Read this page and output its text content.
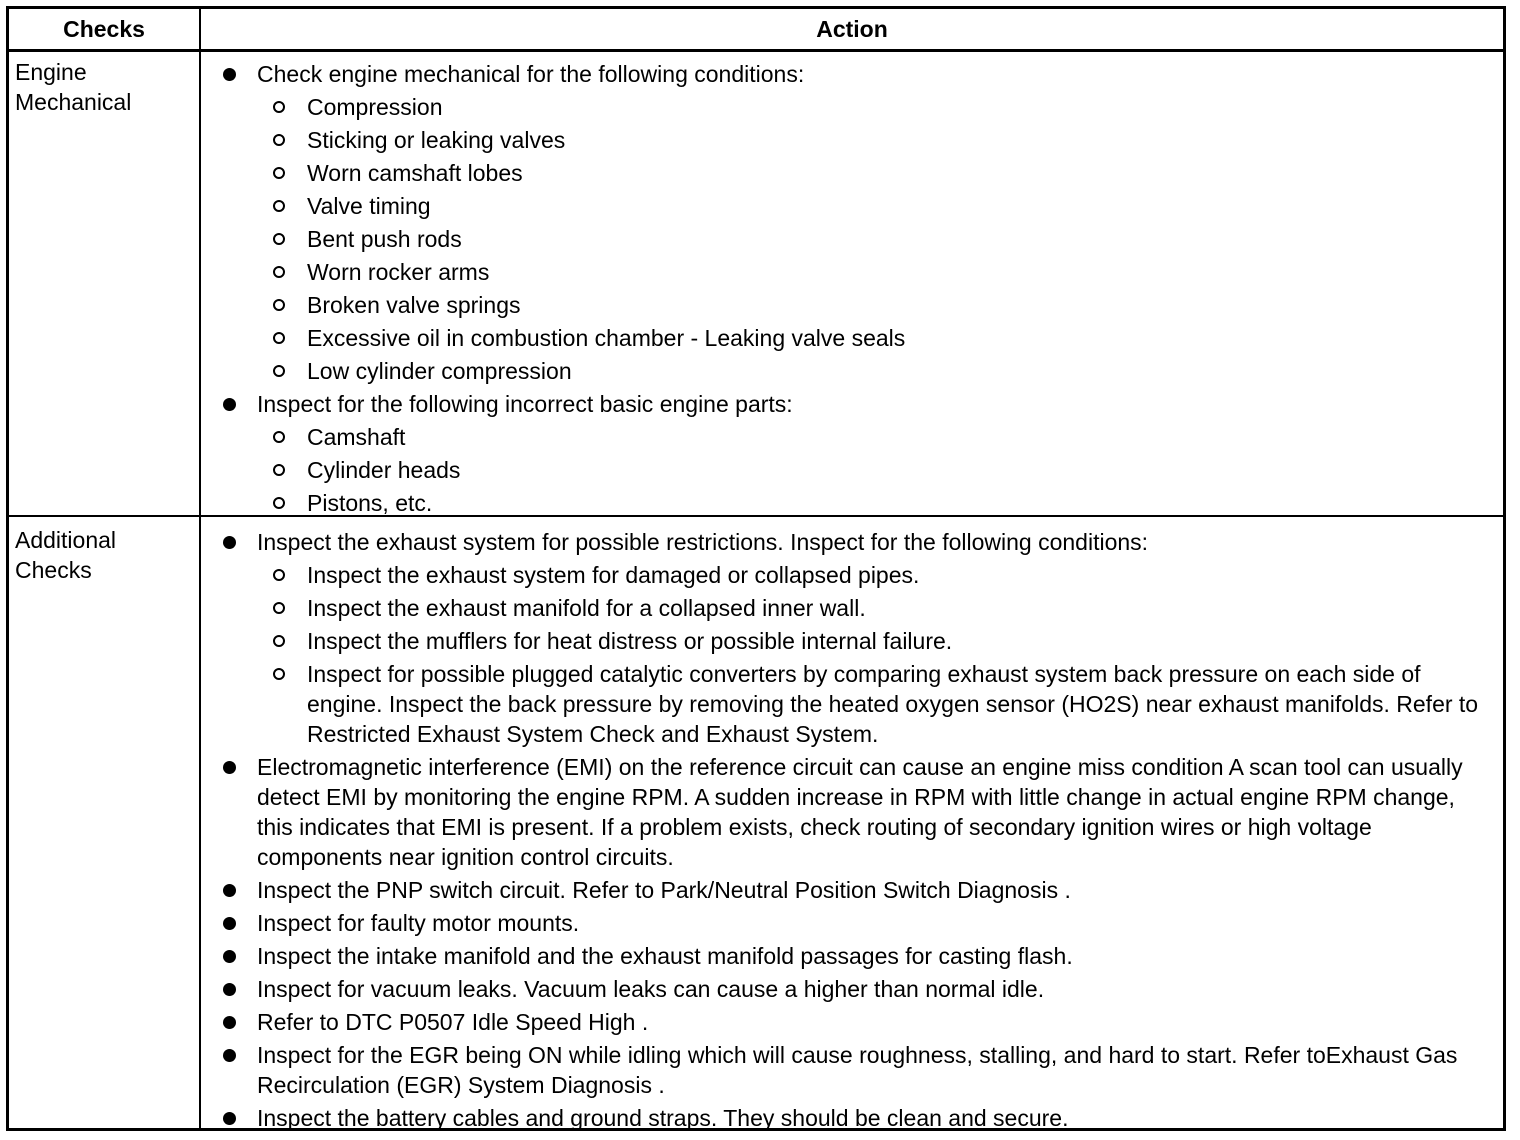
Checks	Action
Engine Mechanical
Check engine mechanical for the following conditions:
Compression
Sticking or leaking valves
Worn camshaft lobes
Valve timing
Bent push rods
Worn rocker arms
Broken valve springs
Excessive oil in combustion chamber - Leaking valve seals
Low cylinder compression
Inspect for the following incorrect basic engine parts:
Camshaft
Cylinder heads
Pistons, etc.
Additional Checks
Inspect the exhaust system for possible restrictions. Inspect for the following conditions:
Inspect the exhaust system for damaged or collapsed pipes.
Inspect the exhaust manifold for a collapsed inner wall.
Inspect the mufflers for heat distress or possible internal failure.
Inspect for possible plugged catalytic converters by comparing exhaust system back pressure on each side of engine. Inspect the back pressure by removing the heated oxygen sensor (HO2S) near exhaust manifolds. Refer to Restricted Exhaust System Check and Exhaust System.
Electromagnetic interference (EMI) on the reference circuit can cause an engine miss condition A scan tool can usually detect EMI by monitoring the engine RPM. A sudden increase in RPM with little change in actual engine RPM change, this indicates that EMI is present. If a problem exists, check routing of secondary ignition wires or high voltage components near ignition control circuits.
Inspect the PNP switch circuit. Refer to Park/Neutral Position Switch Diagnosis .
Inspect for faulty motor mounts.
Inspect the intake manifold and the exhaust manifold passages for casting flash.
Inspect for vacuum leaks. Vacuum leaks can cause a higher than normal idle.
Refer to DTC P0507 Idle Speed High .
Inspect for the EGR being ON while idling which will cause roughness, stalling, and hard to start. Refer toExhaust Gas Recirculation (EGR) System Diagnosis .
Inspect the battery cables and ground straps. They should be clean and secure.
